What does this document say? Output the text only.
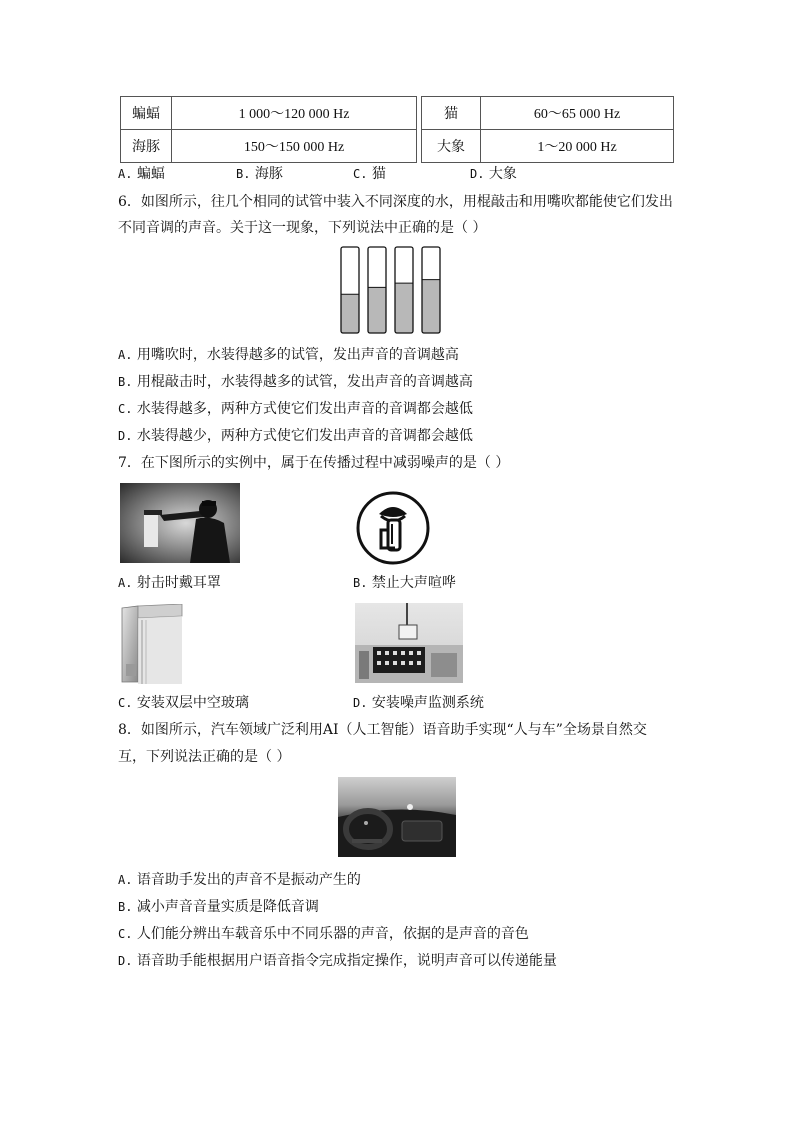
蝙蝠	1 000～120 000 Hz		猫	60～65 000 Hz
海豚	150～150 000 Hz		大象	1～20 000 Hz
A. 蝙蝠	B. 海豚	C. 猫	D. 大象
6．如图所示，往几个相同的试管中装入不同深度的水，用棍敲击和用嘴吹都能使它们发出
不同音调的声音。关于这一现象，下列说法中正确的是（ ）
A. 用嘴吹时，水装得越多的试管，发出声音的音调越高
B. 用棍敲击时，水装得越多的试管，发出声音的音调越高
C. 水装得越多，两种方式使它们发出声音的音调都会越低
D. 水装得越少，两种方式使它们发出声音的音调都会越低
7．在下图所示的实例中，属于在传播过程中减弱噪声的是（ ）
A. 射击时戴耳罩	B. 禁止大声喧哗
C. 安装双层中空玻璃	D. 安装噪声监测系统
8．如图所示，汽车领域广泛利用AI（人工智能）语音助手实现“人与车”全场景自然交
互，下列说法正确的是（ ）
A. 语音助手发出的声音不是振动产生的
B. 减小声音音量实质是降低音调
C. 人们能分辨出车载音乐中不同乐器的声音，依据的是声音的音色
D. 语音助手能根据用户语音指令完成指定操作，说明声音可以传递能量
